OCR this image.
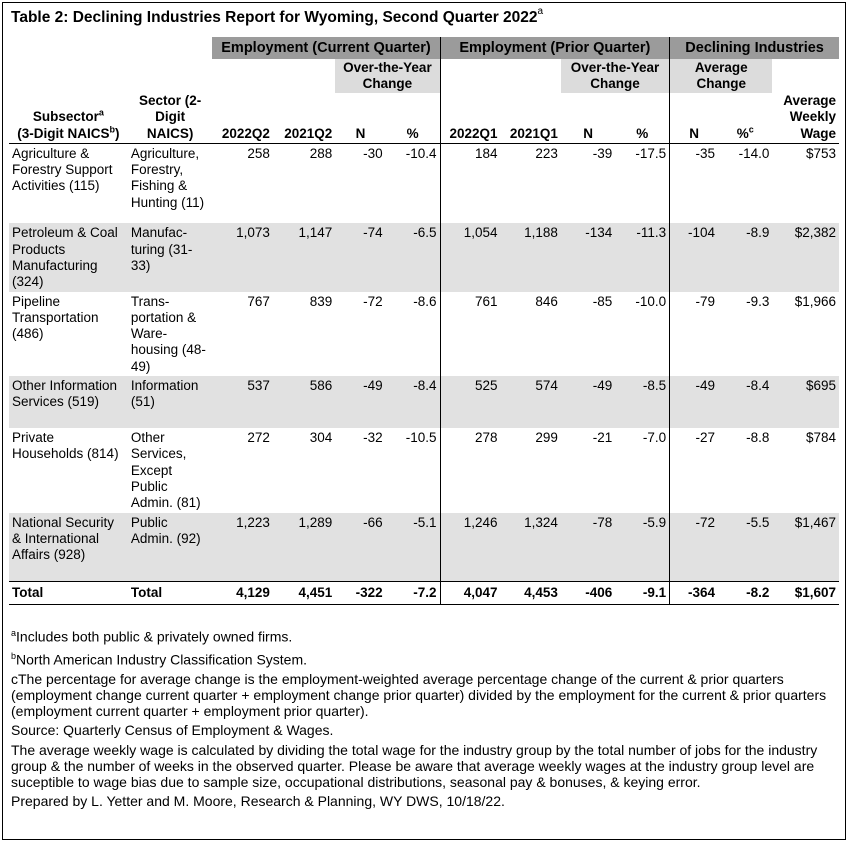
Table 2: Declining Industries Report for Wyoming, Second Quarter 2022$^a$
		Employment (Current Quarter)				Employment (Prior Quarter)				Declining Industries		
				Over-the-Year Change				Over-the-Year Change		Average Change		
Subsector$^a$
(3-Digit NAICS$^b$)	Sector (2-Digit NAICS)	2022Q2	2021Q2	N	%	2022Q1	2021Q1	N	%	N	%$^c$	Average Weekly Wage
Agriculture & Forestry Support Activities (115)	Agriculture, Forestry, Fishing & Hunting (11)	258	288	-30	-10.4	184	223	-39	-17.5	-35	-14.0	$753
Petroleum & Coal Products Manufacturing (324)	Manufac-turing (31-33)	1,073	1,147	-74	-6.5	1,054	1,188	-134	-11.3	-104	-8.9	$2,382
Pipeline Transportation (486)	Trans-portation & Ware-housing (48-49)	767	839	-72	-8.6	761	846	-85	-10.0	-79	-9.3	$1,966
Other Information Services (519)	Information (51)	537	586	-49	-8.4	525	574	-49	-8.5	-49	-8.4	$695
Private Households (814)	Other Services, Except Public Admin. (81)	272	304	-32	-10.5	278	299	-21	-7.0	-27	-8.8	$784
National Security & International Affairs (928)	Public Admin. (92)	1,223	1,289	-66	-5.1	1,246	1,324	-78	-5.9	-72	-5.5	$1,467
Total	Total	4,129	4,451	-322	-7.2	4,047	4,453	-406	-9.1	-364	-8.2	$1,607

$^a$Includes both public & privately owned firms.

$^b$North American Industry Classification System.

cThe percentage for average change is the employment-weighted average percentage change of the current & prior quarters (employment change current quarter + employment change prior quarter) divided by the employment for the current & prior quarters (employment current quarter + employment prior quarter).

Source: Quarterly Census of Employment & Wages.

The average weekly wage is calculated by dividing the total wage for the industry group by the total number of jobs for the industry group & the number of weeks in the observed quarter. Please be aware that average weekly wages at the industry group level are suceptible to wage bias due to sample size, occupational distributions, seasonal pay & bonuses, & keying error.

Prepared by L. Yetter and M. Moore, Research & Planning, WY DWS, 10/18/22.
